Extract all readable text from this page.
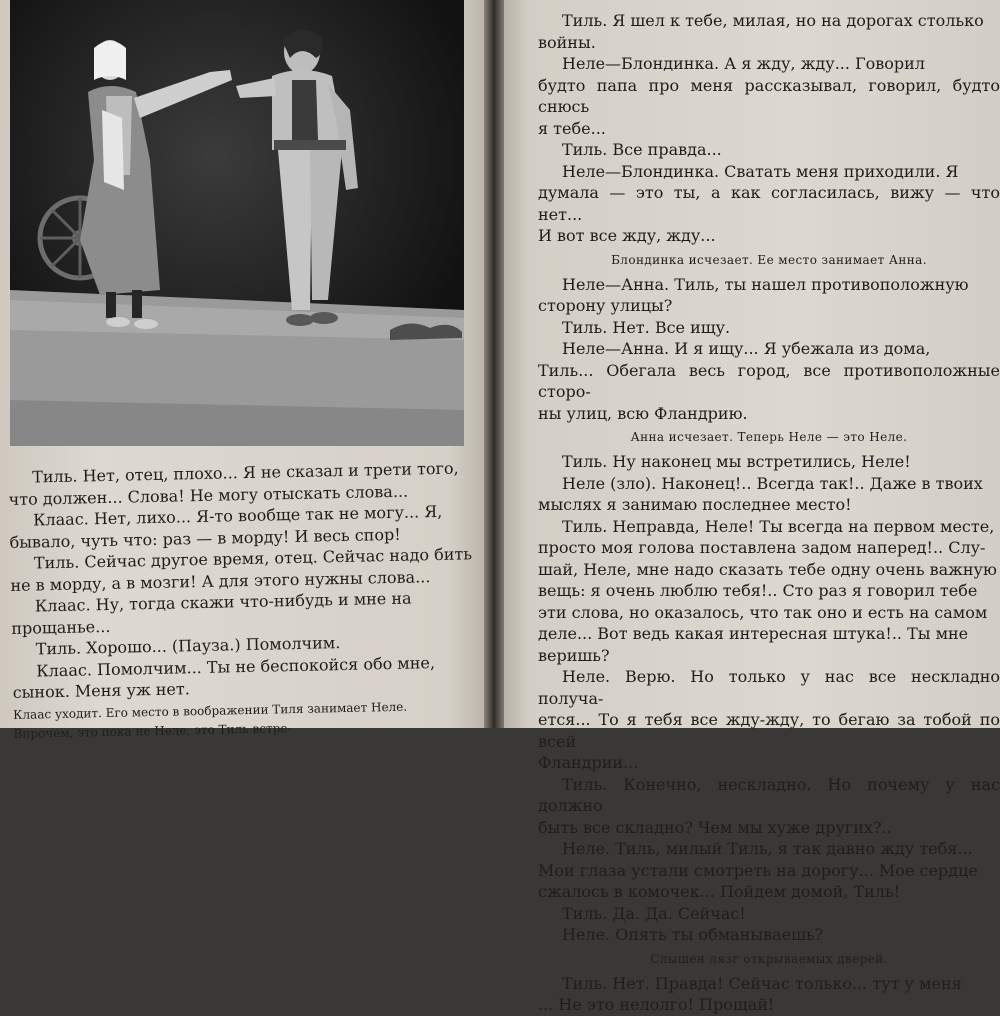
Тиль. Нет, отец, плохо... Я не сказал и трети того,

что должен... Слова! Не могу отыскать слова...

Клаас. Нет, лихо... Я-то вообще так не могу... Я,

бывало, чуть что: раз — в морду! И весь спор!

Тиль. Сейчас другое время, отец. Сейчас надо бить

не в морду, а в мозги! А для этого нужны слова...

Клаас. Ну, тогда скажи что-нибудь и мне на

прощанье...

Тиль. Хорошо... (Пауза.) Помолчим.

Клаас. Помолчим... Ты не беспокойся обо мне,

сынок. Меня уж нет.

Клаас уходит. Его место в воображении Тиля занимает Неле.

Впрочем, это пока не Неле, это Тиль встре-

Тиль. Я шел к тебе, милая, но на дорогах столько

войны.

Неле—Блондинка. А я жду, жду... Говорил

будто папа про меня рассказывал, говорил, будто снюсь

я тебе...

Тиль. Все правда...

Неле—Блондинка. Сватать меня приходили. Я

думала — это ты, а как согласилась, вижу — что нет...

И вот все жду, жду...

Блондинка исчезает. Ее место занимает Анна.

Неле—Анна. Тиль, ты нашел противоположную

сторону улицы?

Тиль. Нет. Все ищу.

Неле—Анна. И я ищу... Я убежала из дома,

Тиль... Обегала весь город, все противоположные сторо-

ны улиц, всю Фландрию.

Анна исчезает. Теперь Неле — это Неле.

Тиль. Ну наконец мы встретились, Неле!

Неле (зло). Наконец!.. Всегда так!.. Даже в твоих

мыслях я занимаю последнее место!

Тиль. Неправда, Неле! Ты всегда на первом месте,

просто моя голова поставлена задом наперед!.. Слу-

шай, Неле, мне надо сказать тебе одну очень важную

вещь: я очень люблю тебя!.. Сто раз я говорил тебе

эти слова, но оказалось, что так оно и есть на самом

деле... Вот ведь какая интересная штука!.. Ты мне

веришь?

Неле. Верю. Но только у нас все нескладно получа-

ется... То я тебя все жду-жду, то бегаю за тобой по всей

Фландрии...

Тиль. Конечно, нескладно. Но почему у нас должно

быть все складно? Чем мы хуже других?..

Неле. Тиль, милый Тиль, я так давно жду тебя...

Мои глаза устали смотреть на дорогу... Мое сердце

сжалось в комочек... Пойдем домой, Тиль!

Тиль. Да. Да. Сейчас!

Неле. Опять ты обманываешь?

Слышен лязг открываемых дверей.

Тиль. Нет. Правда! Сейчас только... тут у меня

... Не это нелолго! Прощай!
